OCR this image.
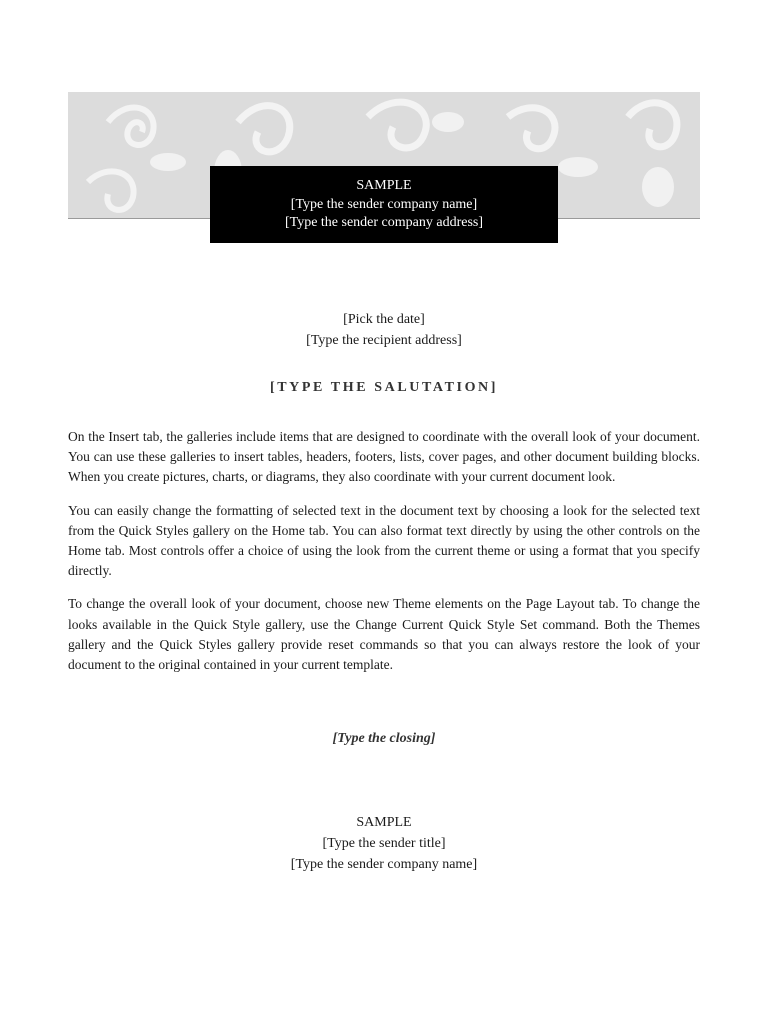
SAMPLE
[Type the sender company name]
[Type the sender company address]
[Pick the date]
[Type the recipient address]
[TYPE THE SALUTATION]

On the Insert tab, the galleries include items that are designed to coordinate with the overall look of your document. You can use these galleries to insert tables, headers, footers, lists, cover pages, and other document building blocks. When you create pictures, charts, or diagrams, they also coordinate with your current document look.

You can easily change the formatting of selected text in the document text by choosing a look for the selected text from the Quick Styles gallery on the Home tab. You can also format text directly by using the other controls on the Home tab. Most controls offer a choice of using the look from the current theme or using a format that you specify directly.

To change the overall look of your document, choose new Theme elements on the Page Layout tab. To change the looks available in the Quick Style gallery, use the Change Current Quick Style Set command. Both the Themes gallery and the Quick Styles gallery provide reset commands so that you can always restore the look of your document to the original contained in your current template.

[Type the closing]
SAMPLE
[Type the sender title]
[Type the sender company name]
